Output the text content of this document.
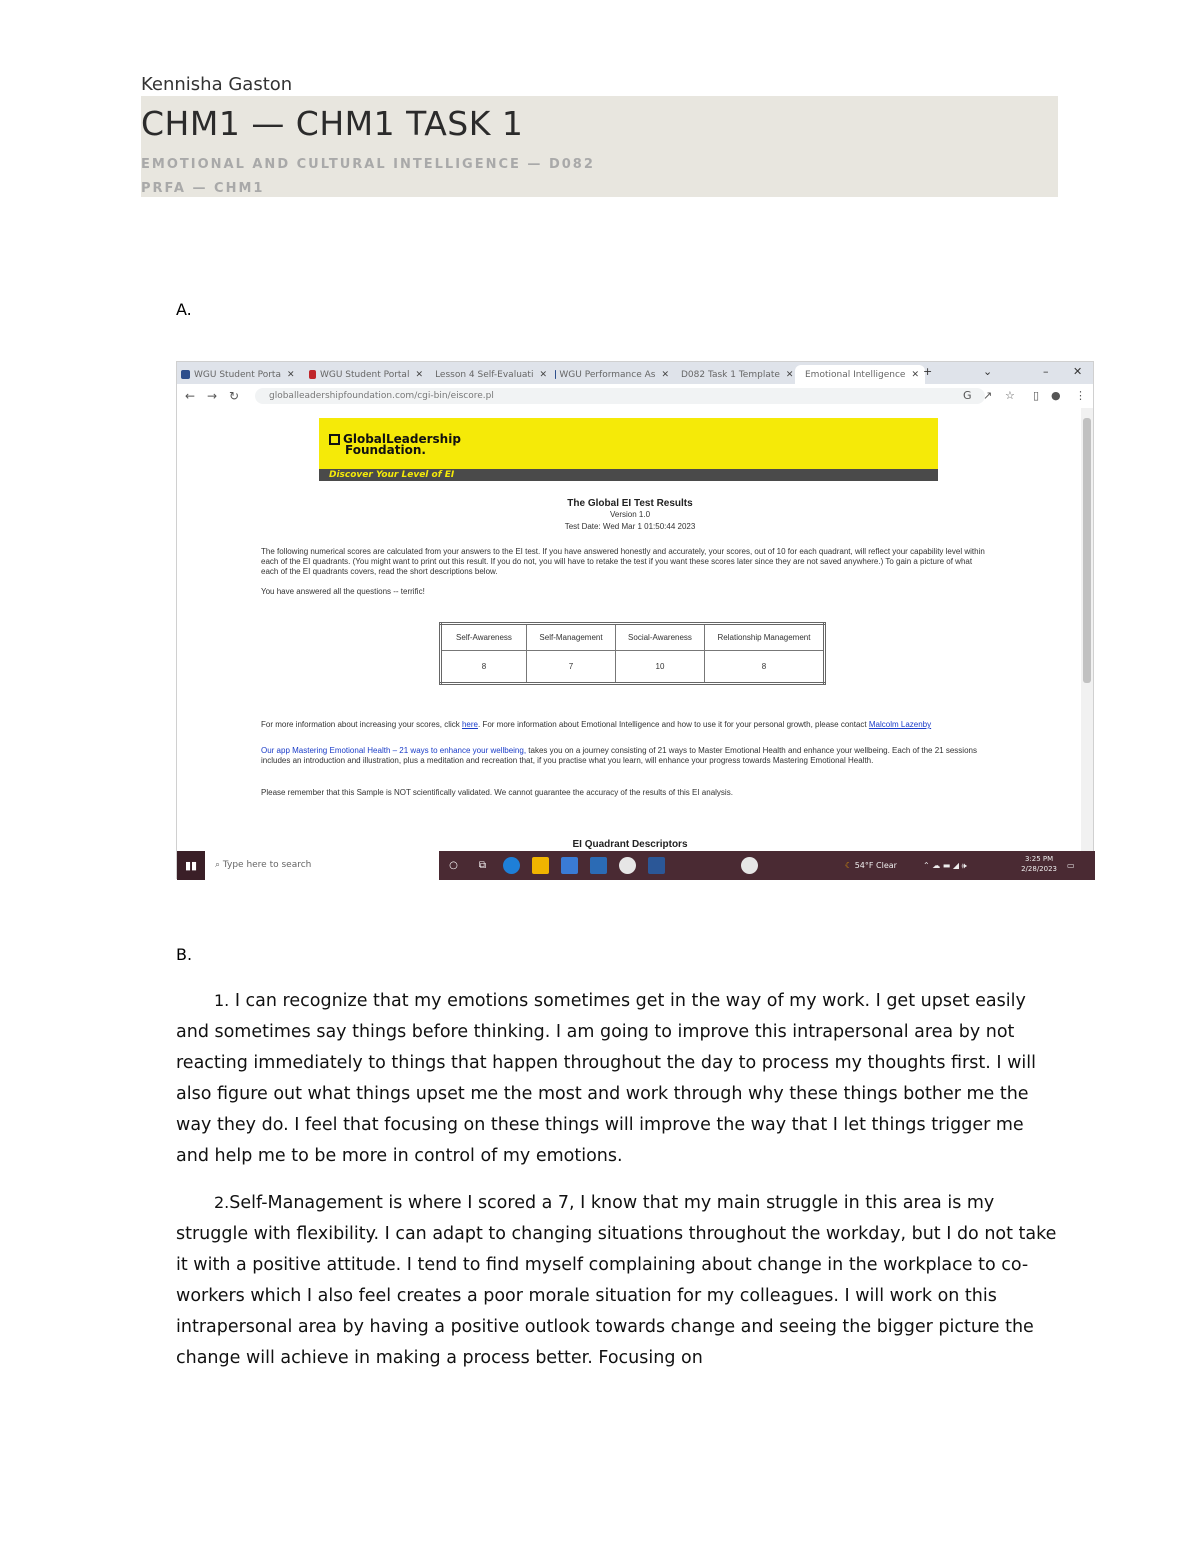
Kennisha Gaston
CHM1 — CHM1 TASK 1
EMOTIONAL AND CULTURAL INTELLIGENCE — D082
PRFA — CHM1
A.
WGU Student Porta ✕	WGU Student Portal ✕ Lesson 4 Self-Evaluati ✕ WGU Performance As ✕ D082 Task 1 Template ✕ Emotional Intelligence ✕ +	⌄	– ✕
← → ↻	globalleadershipfoundation.com/cgi-bin/eiscore.pl	G ↗ ☆ ▯ ● ⋮
GlobalLeadership
Foundation.
Discover Your Level of EI
The Global EI Test Results
Version 1.0
Test Date: Wed Mar 1 01:50:44 2023
The following numerical scores are calculated from your answers to the EI test. If you have answered honestly and accurately, your scores, out of 10 for each quadrant, will reflect your capability level within each of the EI quadrants. (You might want to print out this result. If you do not, you will have to retake the test if you want these scores later since they are not saved anywhere.) To gain a picture of what each of the EI quadrants covers, read the short descriptions below.
You have answered all the questions -- terrific!
Self-Awareness	Self-Management	Social-Awareness	Relationship Management
8	7	10	8
For more information about increasing your scores, click here. For more information about Emotional Intelligence and how to use it for your personal growth, please contact Malcolm Lazenby
Our app Mastering Emotional Health – 21 ways to enhance your wellbeing, takes you on a journey consisting of 21 ways to Master Emotional Health and enhance your wellbeing. Each of the 21 sessions includes an introduction and illustration, plus a meditation and recreation that, if you practise what you learn, will enhance your progress towards Mastering Emotional Health.
Please remember that this Sample is NOT scientifically validated. We cannot guarantee the accuracy of the results of this EI analysis.
EI Quadrant Descriptors
▮▮	⌕ Type here to search	○	⧉	☾ 54°F Clear	⌃ ☁ ▬ ◢ 🕪
3:25 PM
2/28/2023 ▭
B.
1. I can recognize that my emotions sometimes get in the way of my work. I get upset easily and sometimes say things before thinking. I am going to improve this intrapersonal area by not reacting immediately to things that happen throughout the day to process my thoughts first. I will also figure out what things upset me the most and work through why these things bother me the way they do. I feel that focusing on these things will improve the way that I let things trigger me and help me to be more in control of my emotions.
2.Self-Management is where I scored a 7, I know that my main struggle in this area is my struggle with flexibility. I can adapt to changing situations throughout the workday, but I do not take it with a positive attitude. I tend to find myself complaining about change in the workplace to co-workers which I also feel creates a poor morale situation for my colleagues. I will work on this intrapersonal area by having a positive outlook towards change and seeing the bigger picture the change will achieve in making a process better. Focusing on
